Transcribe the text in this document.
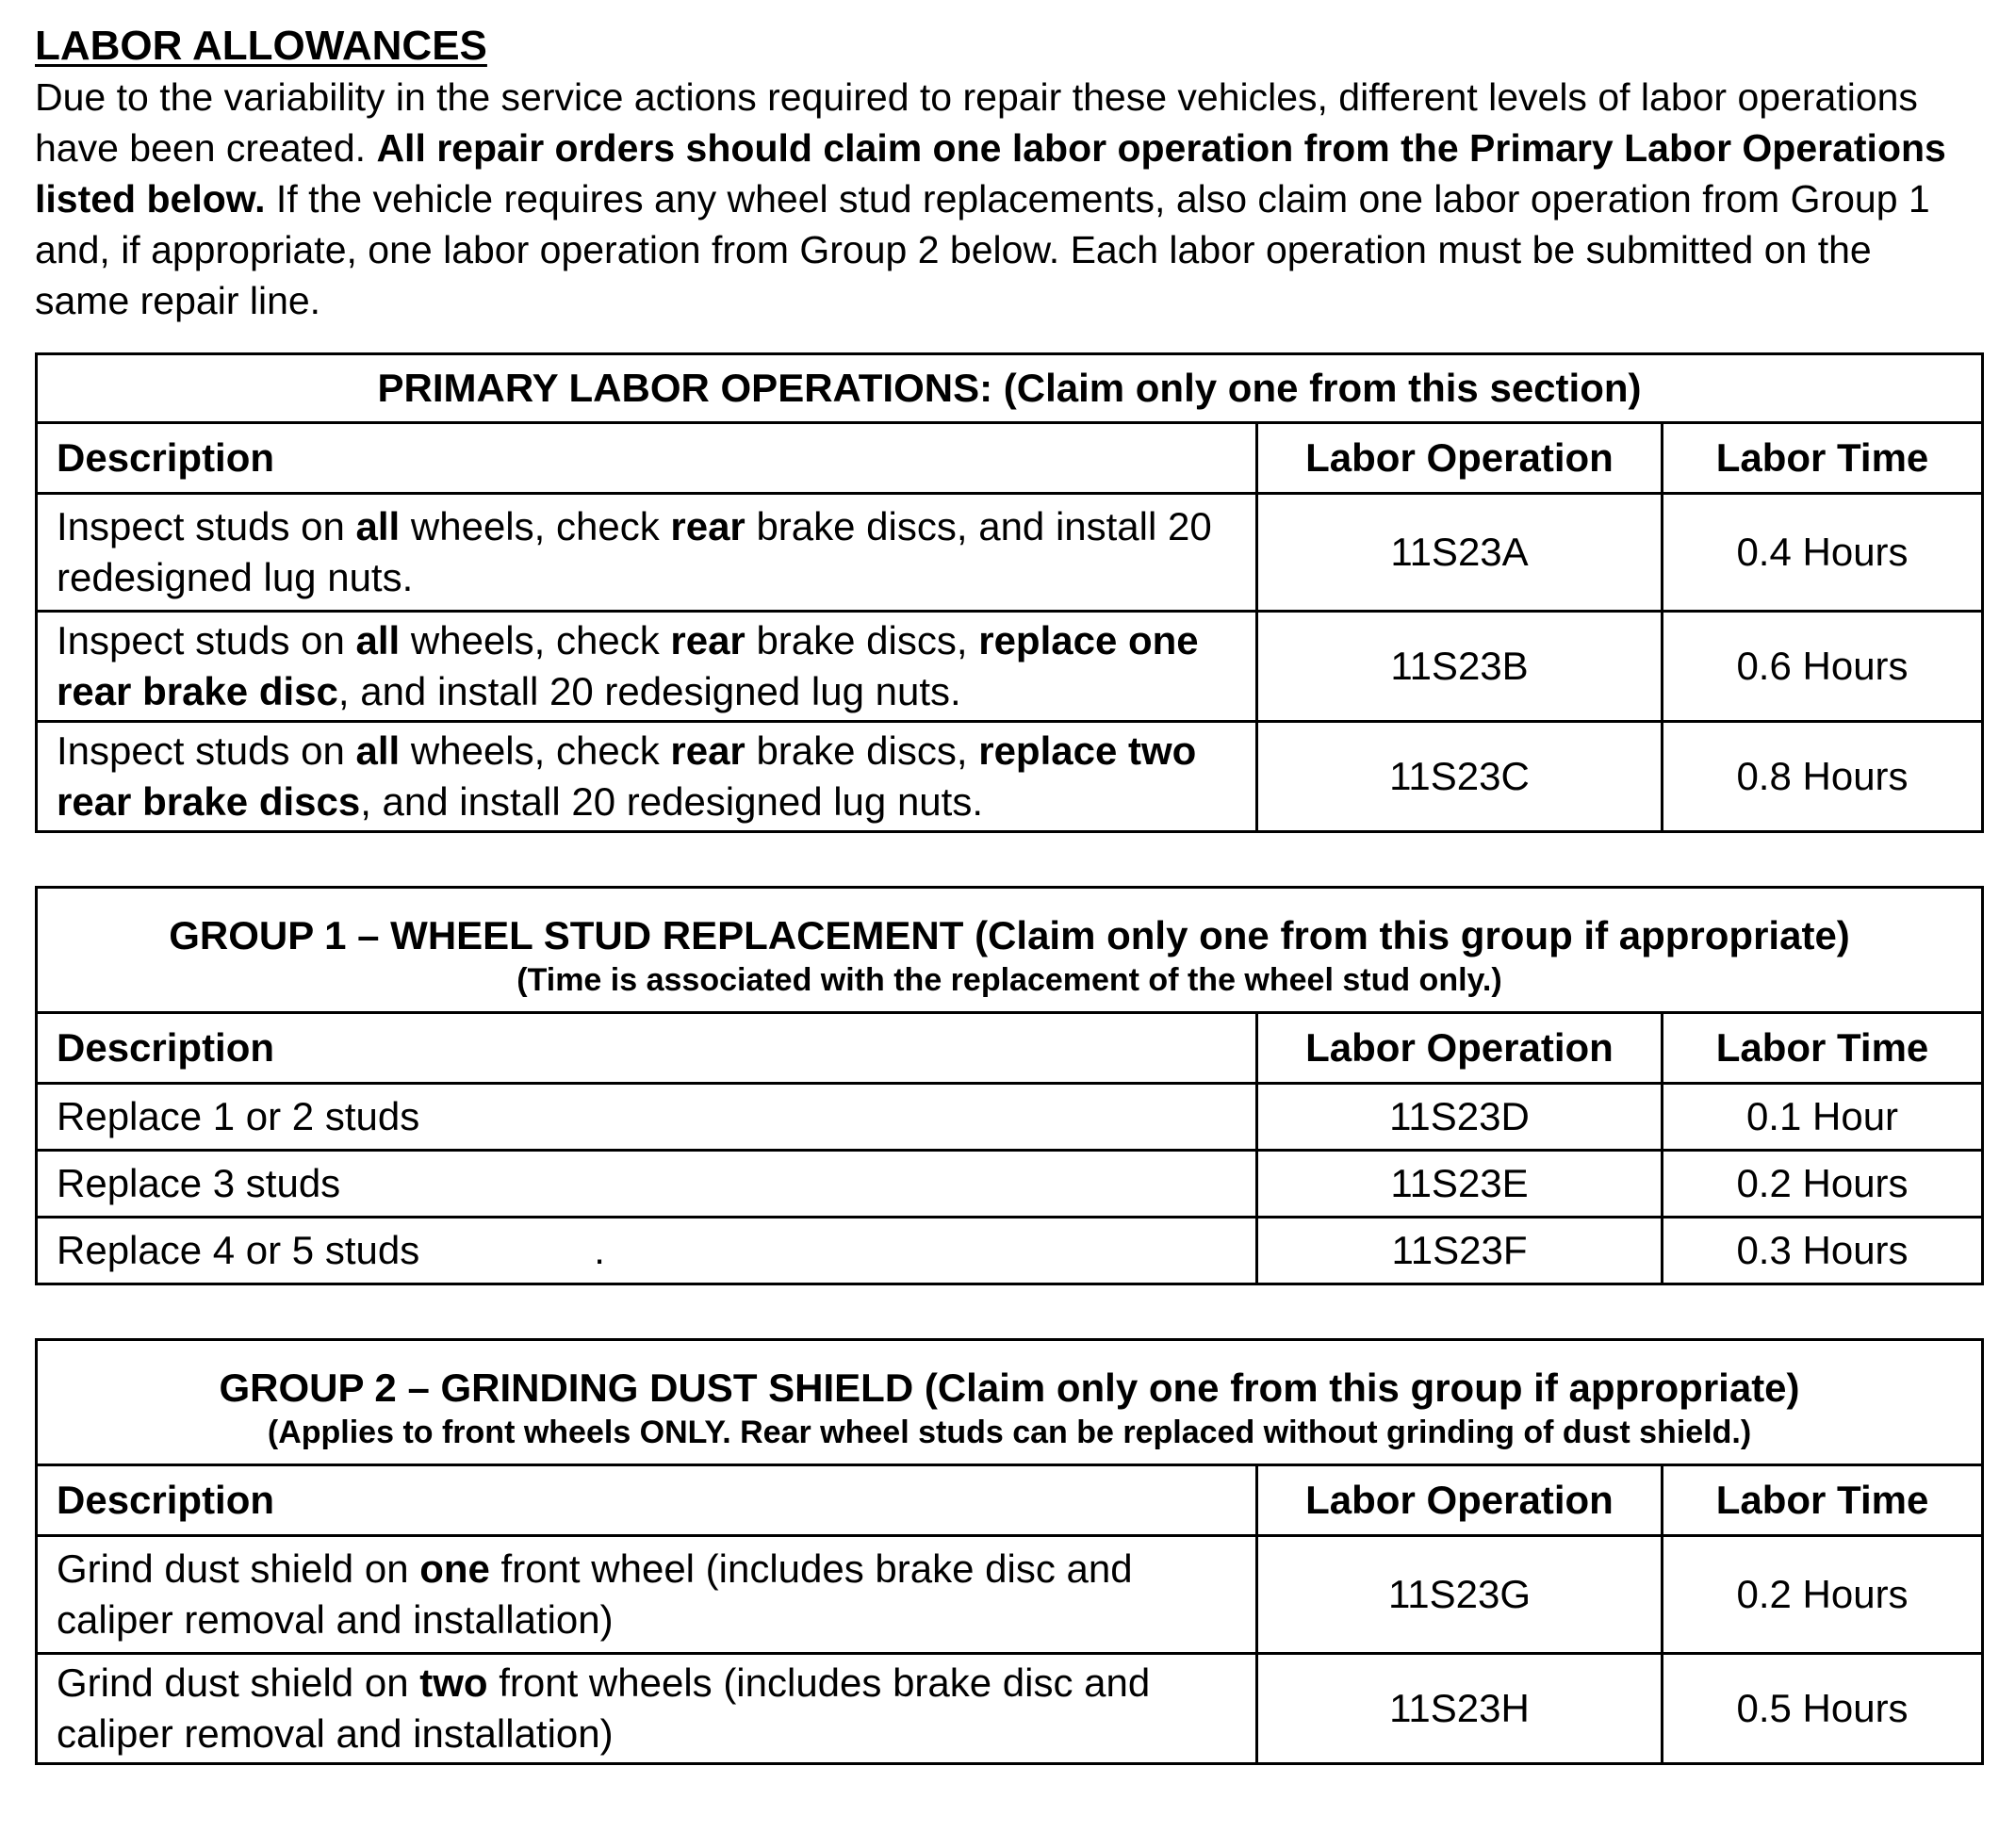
LABOR ALLOWANCES

Due to the variability in the service actions required to repair these vehicles, different levels of labor operations have been created. All repair orders should claim one labor operation from the Primary Labor Operations listed below. If the vehicle requires any wheel stud replacements, also claim one labor operation from Group 1 and, if appropriate, one labor operation from Group 2 below. Each labor operation must be submitted on the same repair line.

PRIMARY LABOR OPERATIONS: (Claim only one from this section)		

Description	Labor Operation	Labor Time
Inspect studs on all wheels, check rear brake discs, and install 20 redesigned lug nuts.	11S23A	0.4 Hours
Inspect studs on all wheels, check rear brake discs, replace one rear brake disc, and install 20 redesigned lug nuts.	11S23B	0.6 Hours
Inspect studs on all wheels, check rear brake discs, replace two rear brake discs, and install 20 redesigned lug nuts.	11S23C	0.8 Hours
GROUP 1 – WHEEL STUD REPLACEMENT (Claim only one from this group if appropriate)
(Time is associated with the replacement of the wheel stud only.)		

Description	Labor Operation	Labor Time
Replace 1 or 2 studs	11S23D	0.1 Hour
Replace 3 studs	11S23E	0.2 Hours
Replace 4 or 5 studs .	11S23F	0.3 Hours
GROUP 2 – GRINDING DUST SHIELD (Claim only one from this group if appropriate)
(Applies to front wheels ONLY. Rear wheel studs can be replaced without grinding of dust shield.)		

Description	Labor Operation	Labor Time
Grind dust shield on one front wheel (includes brake disc and caliper removal and installation)	11S23G	0.2 Hours
Grind dust shield on two front wheels (includes brake disc and caliper removal and installation)	11S23H	0.5 Hours
